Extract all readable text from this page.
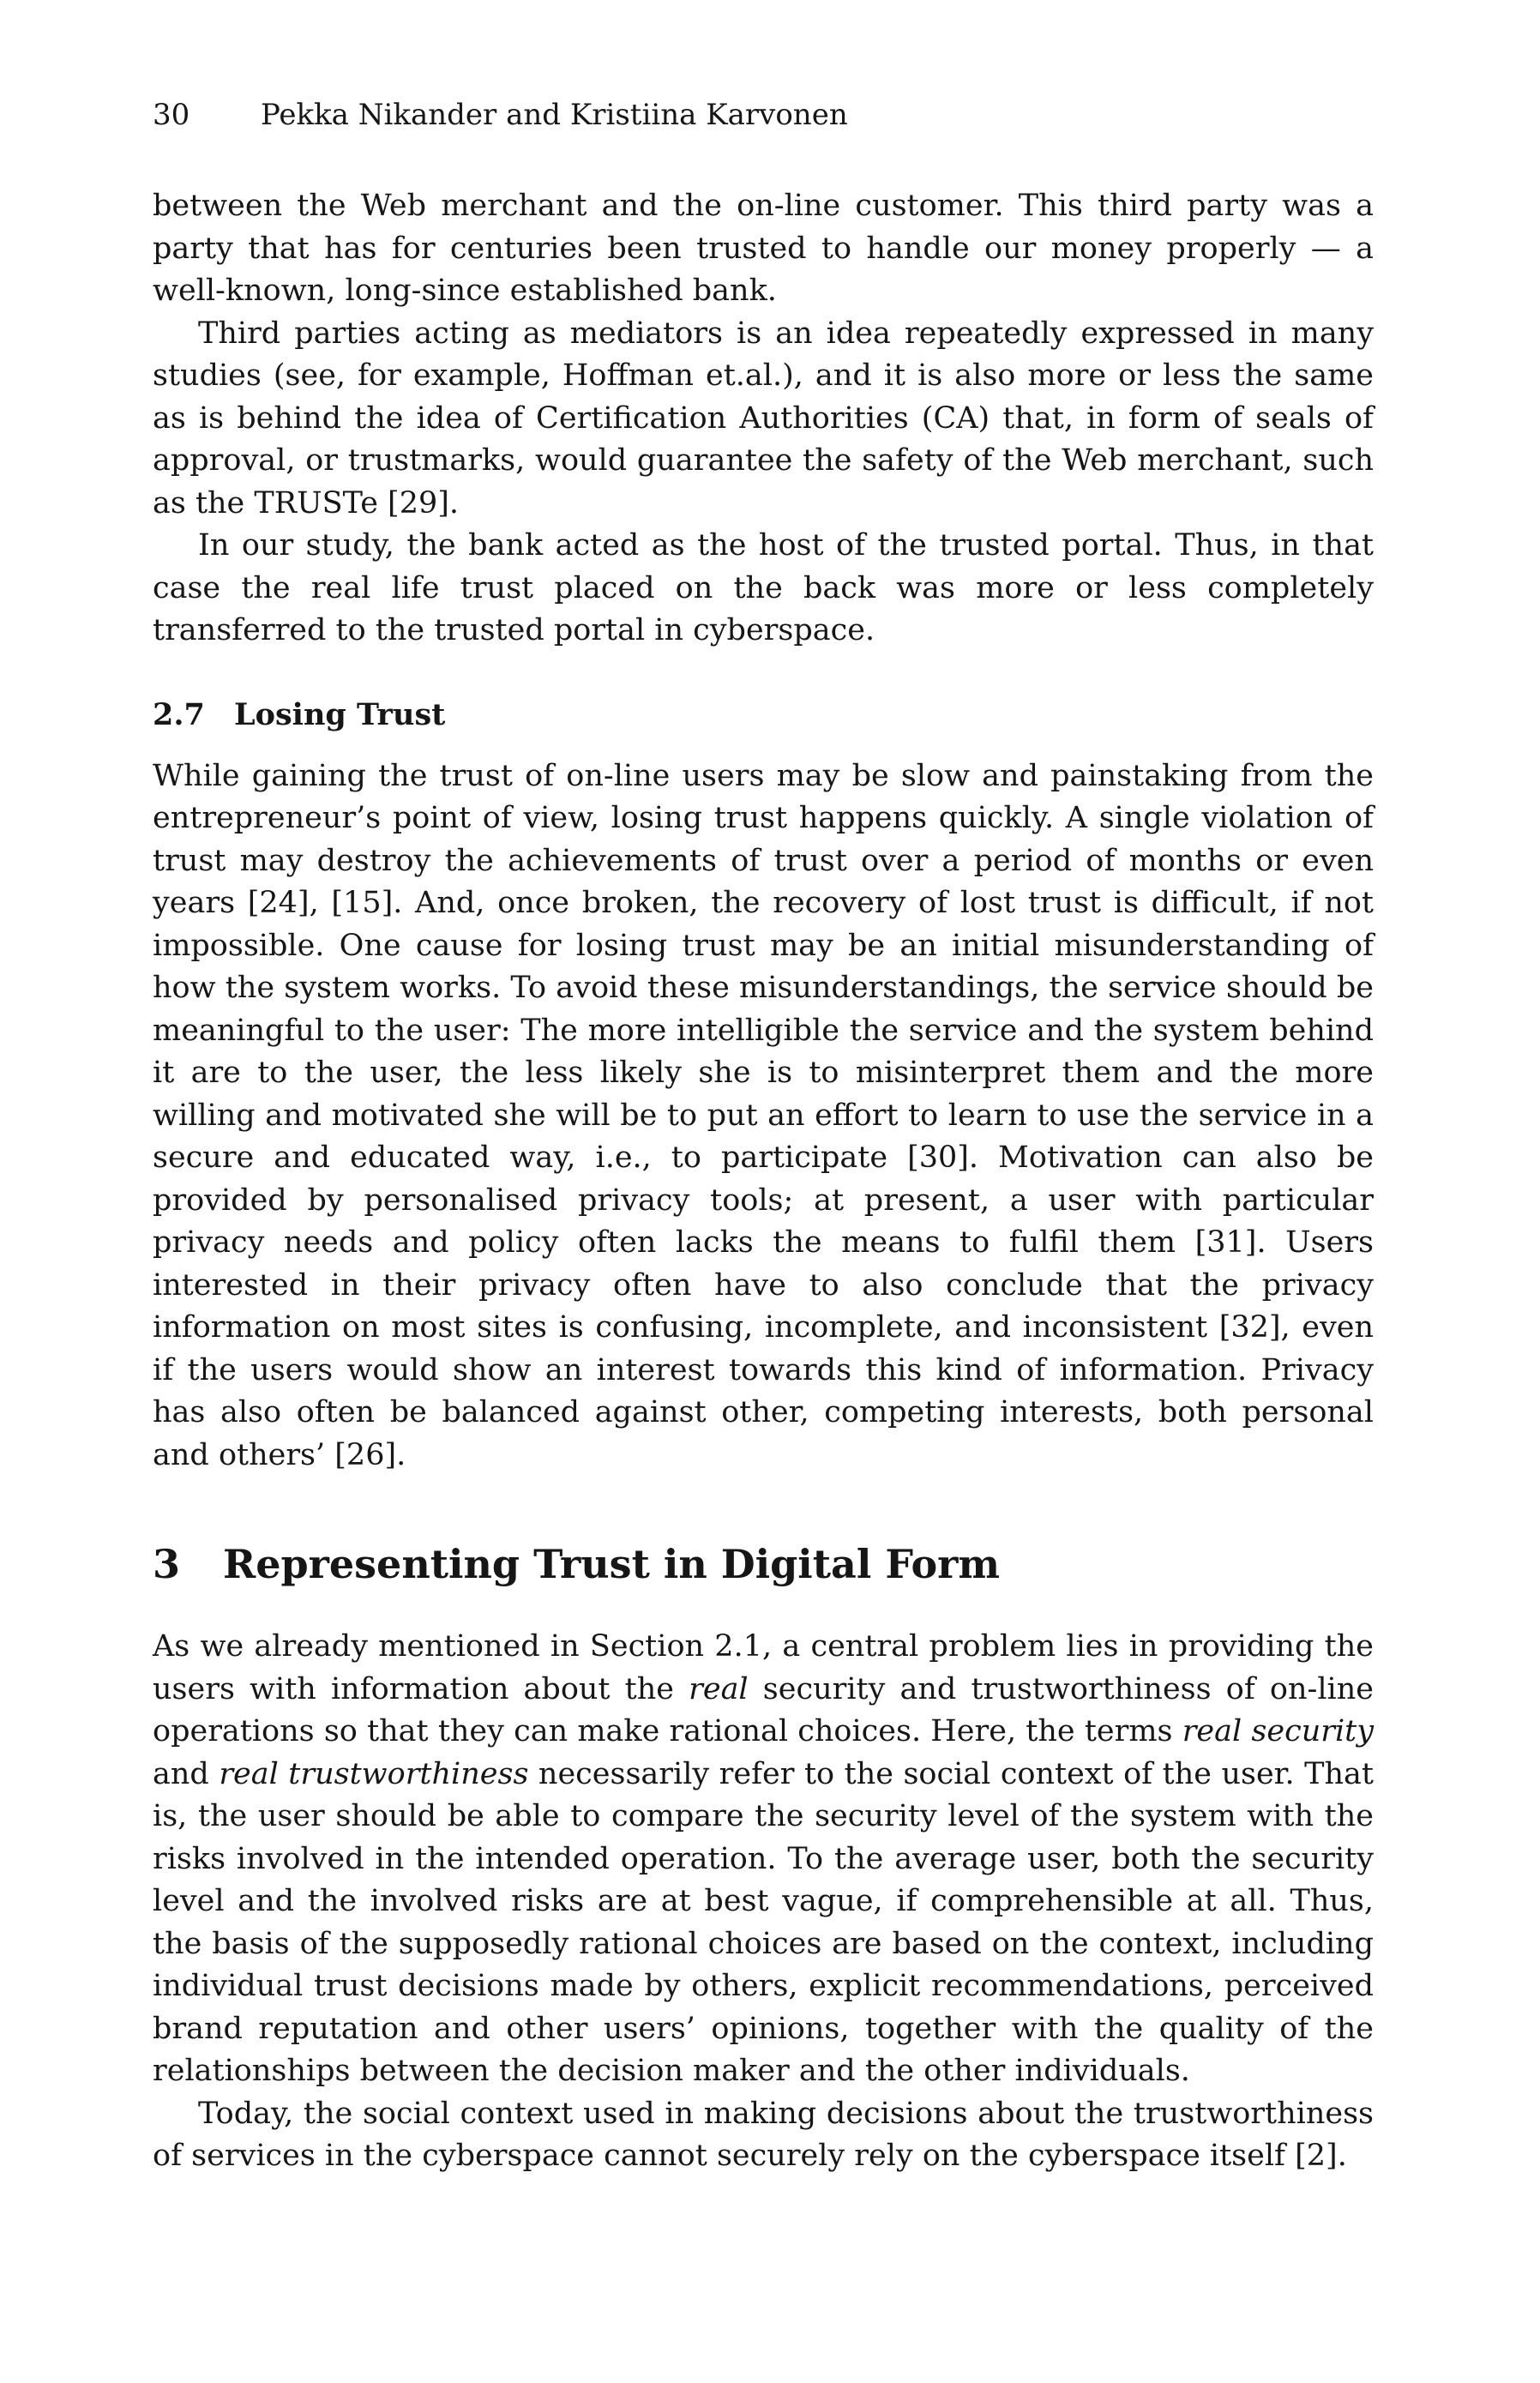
30 Pekka Nikander and Kristiina Karvonen

between the Web merchant and the on-line customer. This third party was a party that has for centuries been trusted to handle our money properly — a well-known, long-since established bank.

Third parties acting as mediators is an idea repeatedly expressed in many studies (see, for example, Hoffman et.al.), and it is also more or less the same as is behind the idea of Certification Authorities (CA) that, in form of seals of approval, or trustmarks, would guarantee the safety of the Web merchant, such as the TRUSTe [29].

In our study, the bank acted as the host of the trusted portal. Thus, in that case the real life trust placed on the back was more or less completely transferred to the trusted portal in cyberspace.

2.7 Losing Trust

While gaining the trust of on-line users may be slow and painstaking from the entrepreneur’s point of view, losing trust happens quickly. A single violation of trust may destroy the achievements of trust over a period of months or even years [24], [15]. And, once broken, the recovery of lost trust is difficult, if not impossible. One cause for losing trust may be an initial misunderstanding of how the system works. To avoid these misunderstandings, the service should be meaningful to the user: The more intelligible the service and the system behind it are to the user, the less likely she is to misinterpret them and the more willing and motivated she will be to put an effort to learn to use the service in a secure and educated way, i.e., to participate [30]. Motivation can also be provided by personalised privacy tools; at present, a user with particular privacy needs and policy often lacks the means to fulfil them [31]. Users interested in their privacy often have to also conclude that the privacy information on most sites is confusing, incomplete, and inconsistent [32], even if the users would show an interest towards this kind of information. Privacy has also often be balanced against other, competing interests, both personal and others’ [26].

3 Representing Trust in Digital Form

As we already mentioned in Section 2.1, a central problem lies in providing the users with information about the real security and trustworthiness of on-line operations so that they can make rational choices. Here, the terms real security and real trustworthiness necessarily refer to the social context of the user. That is, the user should be able to compare the security level of the system with the risks involved in the intended operation. To the average user, both the security level and the involved risks are at best vague, if comprehensible at all. Thus, the basis of the supposedly rational choices are based on the context, including individual trust decisions made by others, explicit recommendations, perceived brand reputation and other users’ opinions, together with the quality of the relationships between the decision maker and the other individuals.

Today, the social context used in making decisions about the trustworthiness of services in the cyberspace cannot securely rely on the cyberspace itself [2].
